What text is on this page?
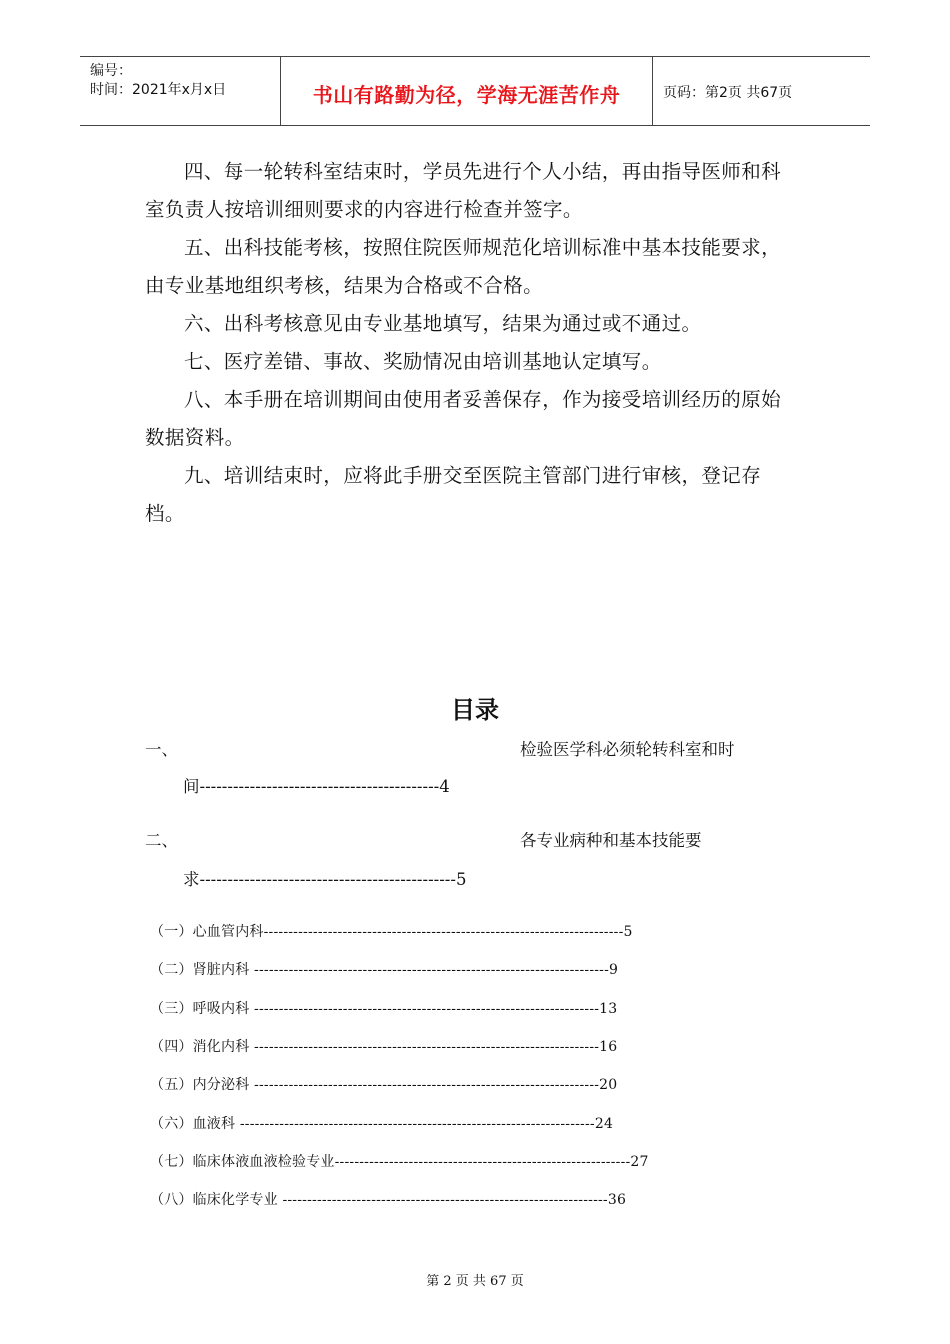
编号：
时间：2021年x月x日	书山有路勤为径，学海无涯苦作舟	页码：第2页 共67页

四、每一轮转科室结束时，学员先进行个人小结，再由指导医师和科室负责人按培训细则要求的内容进行检查并签字。

五、出科技能考核，按照住院医师规范化培训标准中基本技能要求，由专业基地组织考核，结果为合格或不合格。

六、出科考核意见由专业基地填写，结果为通过或不通过。

七、医疗差错、事故、奖励情况由培训基地认定填写。

八、本手册在培训期间由使用者妥善保存，作为接受培训经历的原始数据资料。

九、培训结束时，应将此手册交至医院主管部门进行审核，登记存档。

目录
一、	检验医学科必须轮转科室和时
间-------------------------------------------4
二、	各专业病种和基本技能要
求----------------------------------------------5
（一）心血管内科-------------------------------------------------------------------------5
（二）肾脏内科 ------------------------------------------------------------------------9
（三）呼吸内科 ----------------------------------------------------------------------13
（四）消化内科 ----------------------------------------------------------------------16
（五）内分泌科 ----------------------------------------------------------------------20
（六）血液科 ------------------------------------------------------------------------24
（七）临床体液血液检验专业------------------------------------------------------------27
（八）临床化学专业 ------------------------------------------------------------------36
第 2 页 共 67 页
